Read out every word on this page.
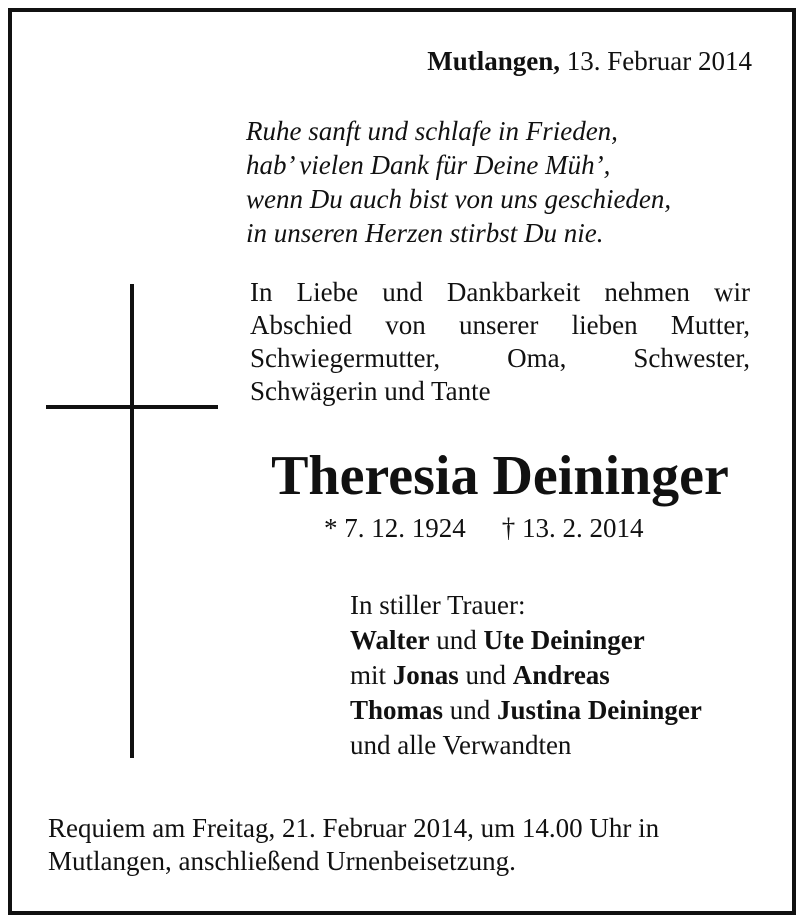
Mutlangen, 13. Februar 2014
Ruhe sanft und schlafe in Frieden,
hab’ vielen Dank für Deine Müh’,
wenn Du auch bist von uns geschieden,
in unseren Herzen stirbst Du nie.
In Liebe und Dankbarkeit nehmen wir
Abschied von unserer lieben Mutter,
Schwiegermutter, Oma, Schwester,
Schwägerin und Tante
Theresia Deininger
* 7. 12. 1924 † 13. 2. 2014
In stiller Trauer:
Walter und Ute Deininger
mit Jonas und Andreas
Thomas und Justina Deininger
und alle Verwandten
Requiem am Freitag, 21. Februar 2014, um 14.00 Uhr in Mutlangen, anschließend Urnenbeisetzung.
